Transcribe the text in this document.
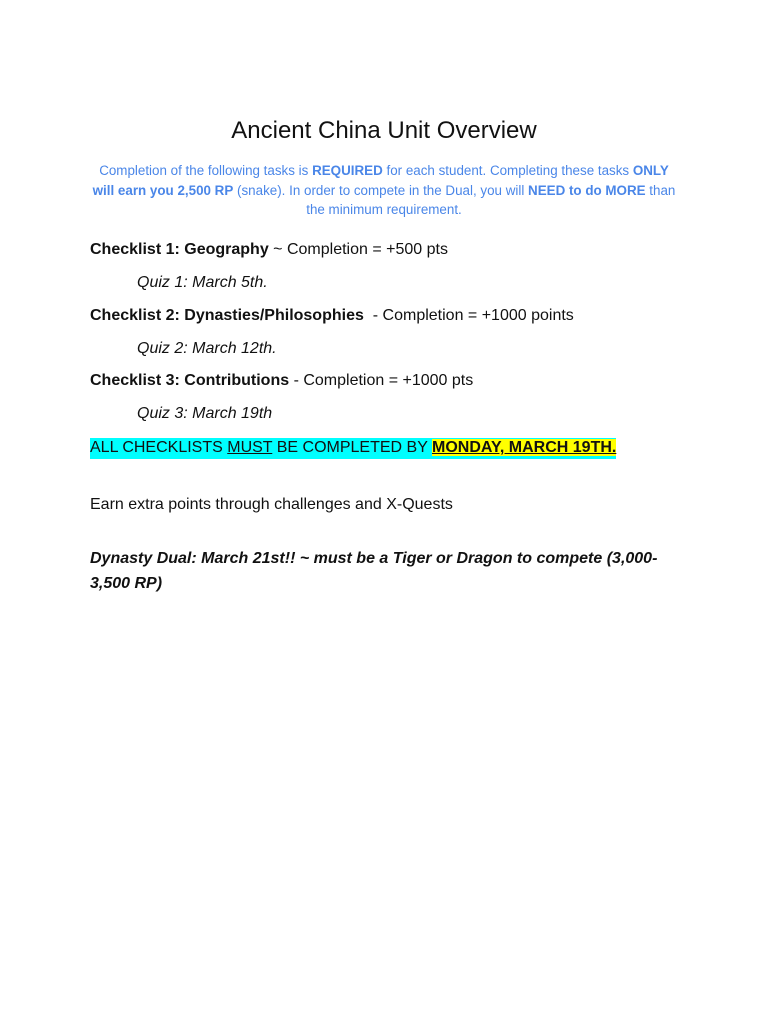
Ancient China Unit Overview
Completion of the following tasks is REQUIRED for each student. Completing these tasks ONLY will earn you 2,500 RP (snake). In order to compete in the Dual, you will NEED to do MORE than the minimum requirement.
Checklist 1: Geography ~ Completion = +500 pts
Quiz 1: March 5th.
Checklist 2: Dynasties/Philosophies  - Completion = +1000 points
Quiz 2: March 12th.
Checklist 3: Contributions - Completion = +1000 pts
Quiz 3: March 19th
ALL CHECKLISTS MUST BE COMPLETED BY MONDAY, MARCH 19TH.
Earn extra points through challenges and X-Quests
Dynasty Dual: March 21st!! ~ must be a Tiger or Dragon to compete (3,000-3,500 RP)
